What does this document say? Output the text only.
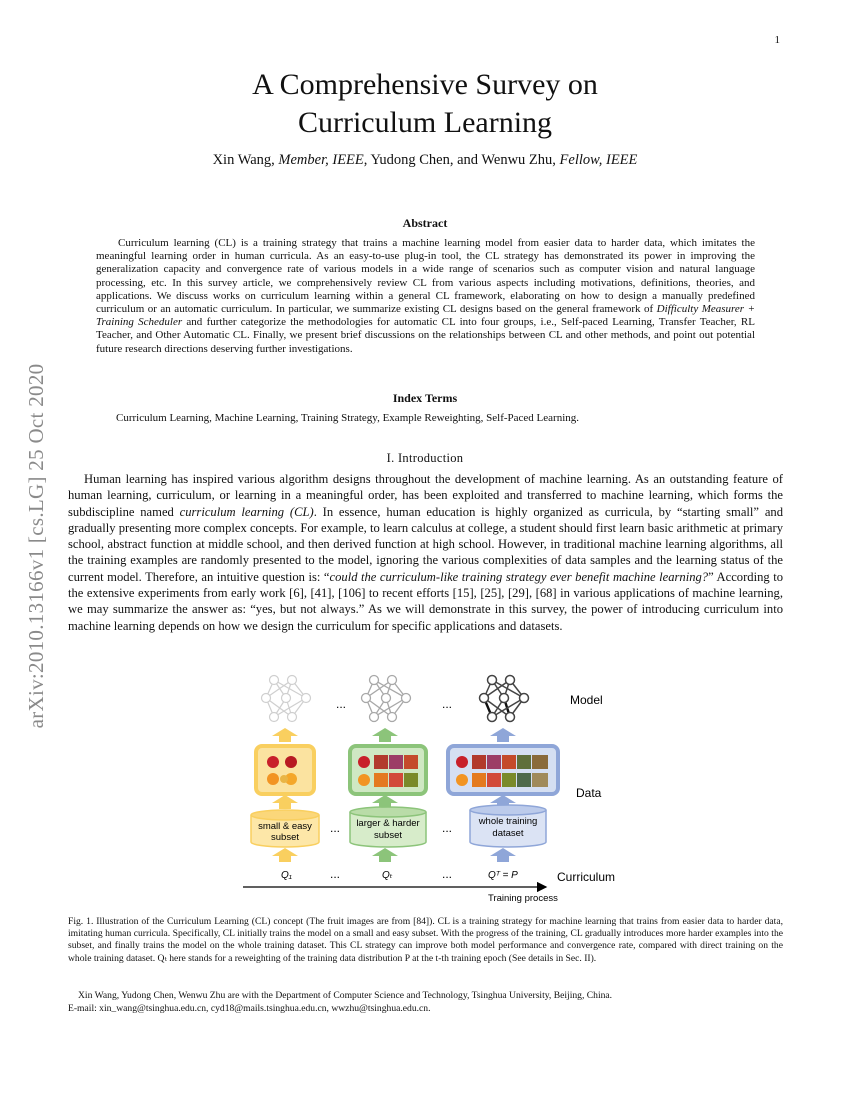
1
arXiv:2010.13166v1 [cs.LG] 25 Oct 2020
A Comprehensive Survey on
Curriculum Learning
Xin Wang, Member, IEEE, Yudong Chen, and Wenwu Zhu, Fellow, IEEE
Abstract
Curriculum learning (CL) is a training strategy that trains a machine learning model from easier data to harder data, which imitates the meaningful learning order in human curricula. As an easy-to-use plug-in tool, the CL strategy has demonstrated its power in improving the generalization capacity and convergence rate of various models in a wide range of scenarios such as computer vision and natural language processing, etc. In this survey article, we comprehensively review CL from various aspects including motivations, definitions, theories, and applications. We discuss works on curriculum learning within a general CL framework, elaborating on how to design a manually predefined curriculum or an automatic curriculum. In particular, we summarize existing CL designs based on the general framework of Difficulty Measurer + Training Scheduler and further categorize the methodologies for automatic CL into four groups, i.e., Self-paced Learning, Transfer Teacher, RL Teacher, and Other Automatic CL. Finally, we present brief discussions on the relationships between CL and other methods, and point out potential future research directions deserving further investigations.
Index Terms
Curriculum Learning, Machine Learning, Training Strategy, Example Reweighting, Self-Paced Learning.
I. Introduction
Human learning has inspired various algorithm designs throughout the development of machine learning. As an outstanding feature of human learning, curriculum, or learning in a meaningful order, has been exploited and transferred to machine learning, which forms the subdiscipline named curriculum learning (CL). In essence, human education is highly organized as curricula, by “starting small” and gradually presenting more complex concepts. For example, to learn calculus at college, a student should first learn basic arithmetic at primary school, abstract function at middle school, and then derived function at high school. However, in traditional machine learning algorithms, all the training examples are randomly presented to the model, ignoring the various complexities of data samples and the learning status of the current model. Therefore, an intuitive question is: “could the curriculum-like training strategy ever benefit machine learning?” According to the extensive experiments from early work [6], [41], [106] to recent efforts [15], [25], [29], [68] in various applications of machine learning, we may summarize the answer as: “yes, but not always.” As we will demonstrate in this survey, the power of introducing curriculum into machine learning depends on how we design the curriculum for specific applications and datasets.
...	...	Model
Data
small & easy
subset
larger & harder
subset
whole training
dataset
...	...
Q₁	Qₜ	Qᵀ = P
...	...	Curriculum
Training process
Fig. 1. Illustration of the Curriculum Learning (CL) concept (The fruit images are from [84]). CL is a training strategy for machine learning that trains from easier data to harder data, imitating human curricula. Specifically, CL initially trains the model on a small and easy subset. With the progress of the training, CL gradually introduces more harder examples into the subset, and finally trains the model on the whole training dataset. This CL strategy can improve both model performance and convergence rate, compared with direct training on the whole training dataset. Qₜ here stands for a reweighting of the training data distribution P at the t-th training epoch (See details in Sec. II).
Xin Wang, Yudong Chen, Wenwu Zhu are with the Department of Computer Science and Technology, Tsinghua University, Beijing, China.
E-mail: xin_wang@tsinghua.edu.cn, cyd18@mails.tsinghua.edu.cn, wwzhu@tsinghua.edu.cn.
